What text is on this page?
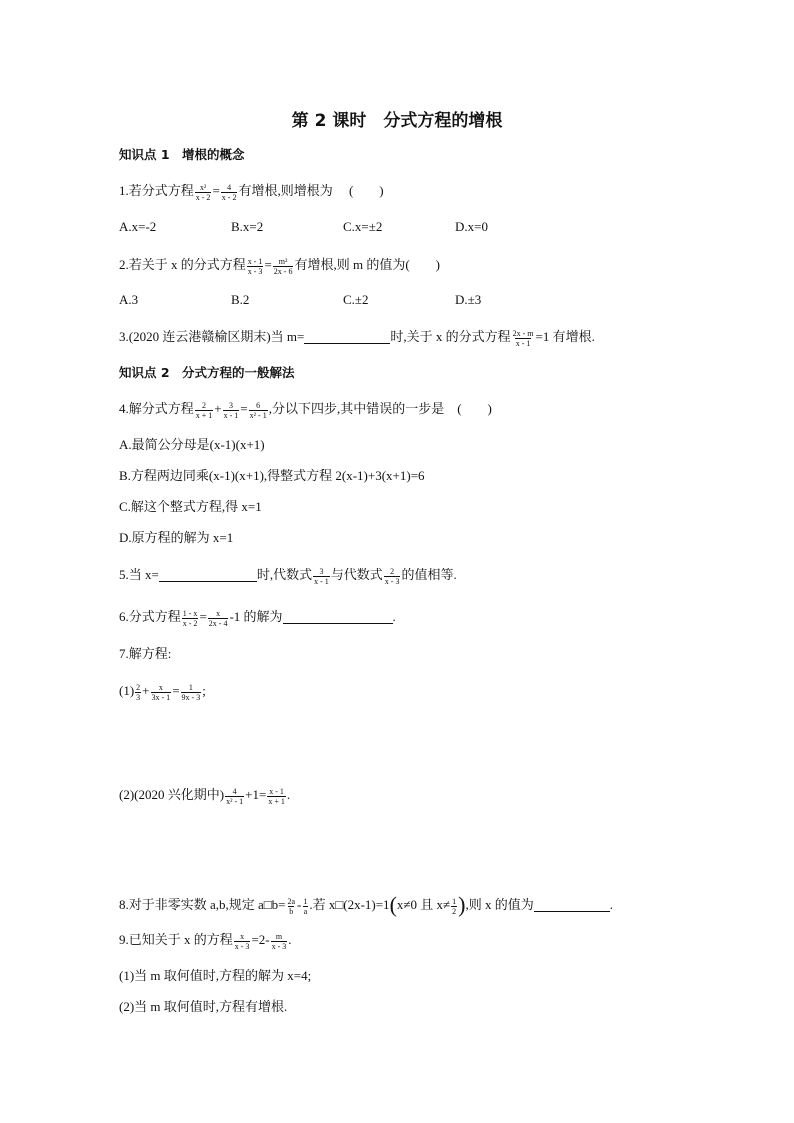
第 2 课时　分式方程的增根
知识点 1　增根的概念
1.若分式方程 $\frac{\text{x²}}{x - 2} = \frac{4}{x - 2}$ 有增根,则增根为　 (　　)
A.x=-2	B.x=2	C.x=±2	D.x=0
2.若关于 x 的分式方程 $\frac{x - 1}{x - 3} = \frac{\text{m²}}{2x - 6}$ 有增根,则 m 的值为(　　)
A.3	B.2	C.±2	D.±3
3.(2020 连云港赣榆区期末)当 m=	时,关于 x 的分式方程 $\frac{2x - m}{x - 1} =1$ 有增根.
知识点 2　分式方程的一般解法
4.解分式方程 $\frac{2}{x + 1} + \frac{3}{x - 1} = \frac{6}{\text{x² - 1}}$ ,分以下四步,其中错误的一步是　(　　)
A.最简公分母是(x-1)(x+1)
B.方程两边同乘(x-1)(x+1),得整式方程 2(x-1)+3(x+1)=6
C.解这个整式方程,得 x=1
D.原方程的解为 x=1
5.当 x=	时,代数式 $\frac{3}{x - 1}$ 与代数式 $\frac{2}{x - 3}$ 的值相等.
6.分式方程 $\frac{1 - x}{x - 2} = \frac{x}{2x - 4} -1$ 的解为	.
7.解方程:
$(1) \frac{2}{3} + \frac{x}{3x - 1} = \frac{1}{9x - 3}$ ;
(2)(2020 兴化期中) $\frac{4}{\text{x² - 1}} +1= \frac{x - 1}{x + 1}$ .
8.对于非零实数 a,b,规定 a□b= $\frac{2a}{b} - \frac{1}{a}$ .若 x□(2x-1)=1(x≠0 且 $x\ne \frac{1}{2}$ ),则 x 的值为	.
9.已知关于 x 的方程 $\frac{x}{x - 3} =2- \frac{m}{x - 3}$ .
(1)当 m 取何值时,方程的解为 x=4;
(2)当 m 取何值时,方程有增根.
